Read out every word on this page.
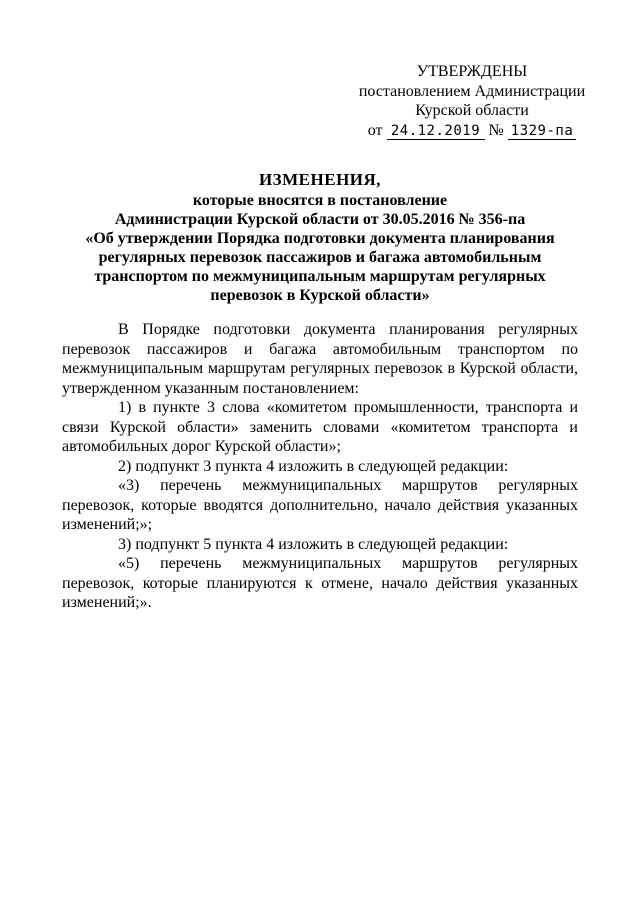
УТВЕРЖДЕНЫ
постановлением Администрации
Курской области
от 24.12.2019 № 1329-па
ИЗМЕНЕНИЯ,
которые вносятся в постановление
Администрации Курской области от 30.05.2016 № 356-па
«Об утверждении Порядка подготовки документа планирования
регулярных перевозок пассажиров и багажа автомобильным
транспортом по межмуниципальным маршрутам регулярных
перевозок в Курской области»

В Порядке подготовки документа планирования регулярных перевозок пассажиров и багажа автомобильным транспортом по межмуниципальным маршрутам регулярных перевозок в Курской области, утвержденном указанным постановлением:

1) в пункте 3 слова «комитетом промышленности, транспорта и связи Курской области» заменить словами «комитетом транспорта и автомобильных дорог Курской области»;

2) подпункт 3 пункта 4 изложить в следующей редакции:

«3) перечень межмуниципальных маршрутов регулярных перевозок, которые вводятся дополнительно, начало действия указанных изменений;»;

3) подпункт 5 пункта 4 изложить в следующей редакции:

«5) перечень межмуниципальных маршрутов регулярных перевозок, которые планируются к отмене, начало действия указанных изменений;».
